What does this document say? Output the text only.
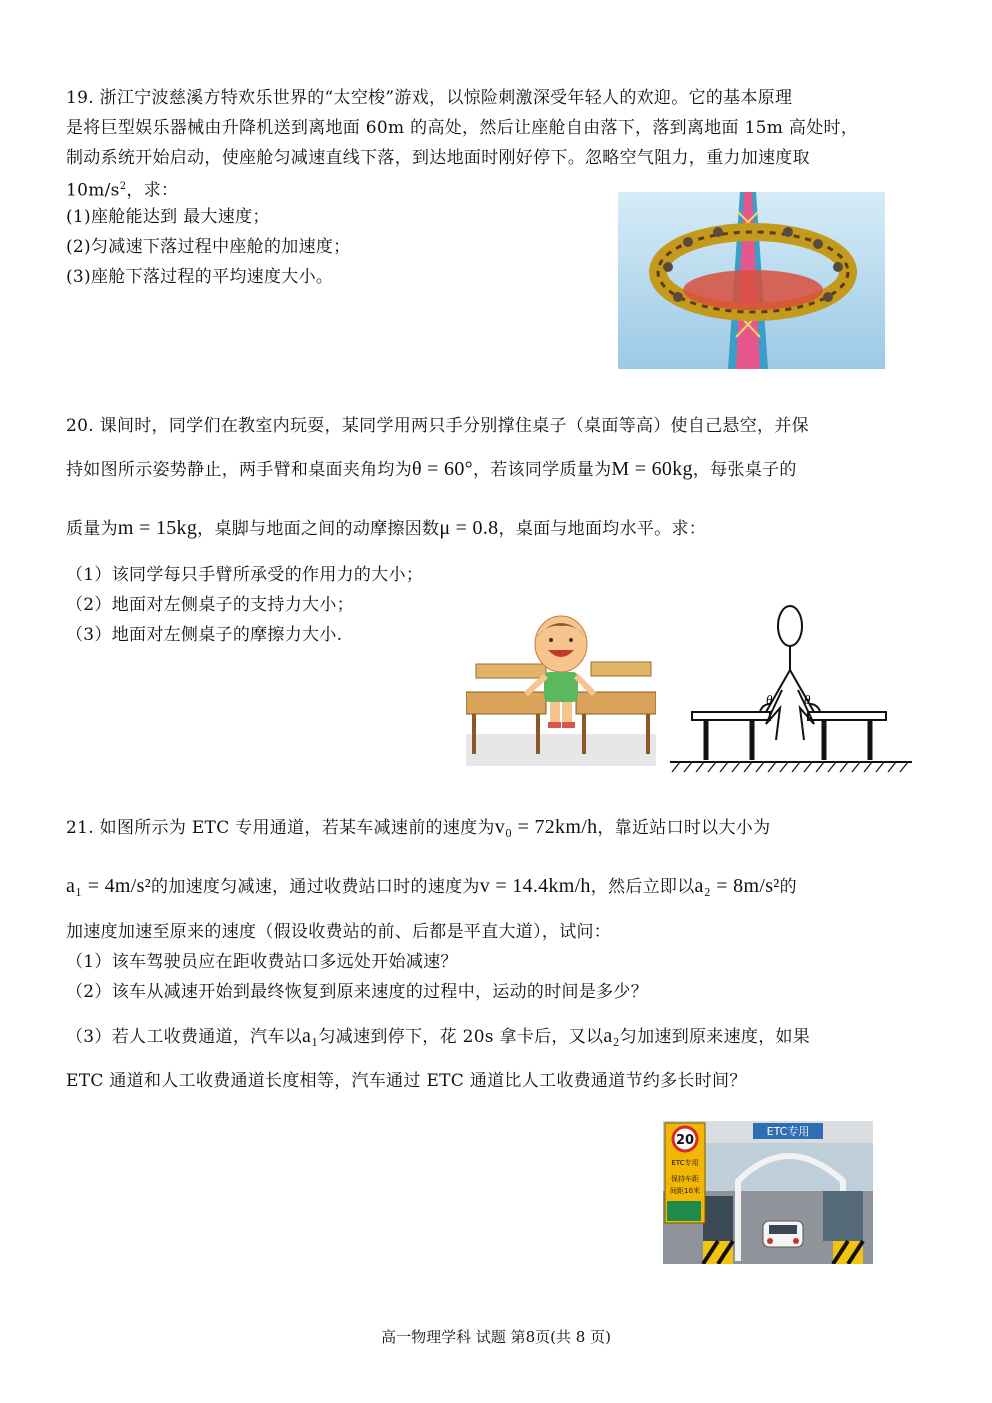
19. 浙江宁波慈溪方特欢乐世界的“太空梭”游戏，以惊险刺激深受年轻人的欢迎。它的基本原理
是将巨型娱乐器械由升降机送到离地面 60m 的高处，然后让座舱自由落下，落到离地面 15m 高处时，
制动系统开始启动，使座舱匀减速直线下落，到达地面时刚好停下。忽略空气阻力，重力加速度取
$10m/s^2$，求：
(1)座舱能达到 最大速度；
(2)匀减速下落过程中座舱的加速度；
(3)座舱下落过程的平均速度大小。
20. 课间时，同学们在教室内玩耍，某同学用两只手分别撑住桌子（桌面等高）使自己悬空，并保
持如图所示姿势静止，两手臂和桌面夹角均为θ = 60°，若该同学质量为M = 60kg，每张桌子的
质量为m = 15kg，桌脚与地面之间的动摩擦因数μ = 0.8，桌面与地面均水平。求：
（1）该同学每只手臂所承受的作用力的大小；
（2）地面对左侧桌子的支持力大小；
（3）地面对左侧桌子的摩擦力大小.
θ θ
21. 如图所示为 ETC 专用通道，若某车减速前的速度为v₀ = 72km/h，靠近站口时以大小为
a₁ = 4m/s²的加速度匀减速，通过收费站口时的速度为v = 14.4km/h，然后立即以a₂ = 8m/s²的
加速度加速至原来的速度（假设收费站的前、后都是平直大道），试问：
（1）该车驾驶员应在距收费站口多远处开始减速？
（2）该车从减速开始到最终恢复到原来速度的过程中，运动的时间是多少？
（3）若人工收费通道，汽车以a₁匀减速到停下，花 20s 拿卡后，又以a₂匀加速到原来速度，如果
ETC 通道和人工收费通道长度相等，汽车通过 ETC 通道比人工收费通道节约多长时间？
ETC专用
20
ETC专用
保持车距
间距10米
高一物理学科 试题 第8页(共 8 页)
